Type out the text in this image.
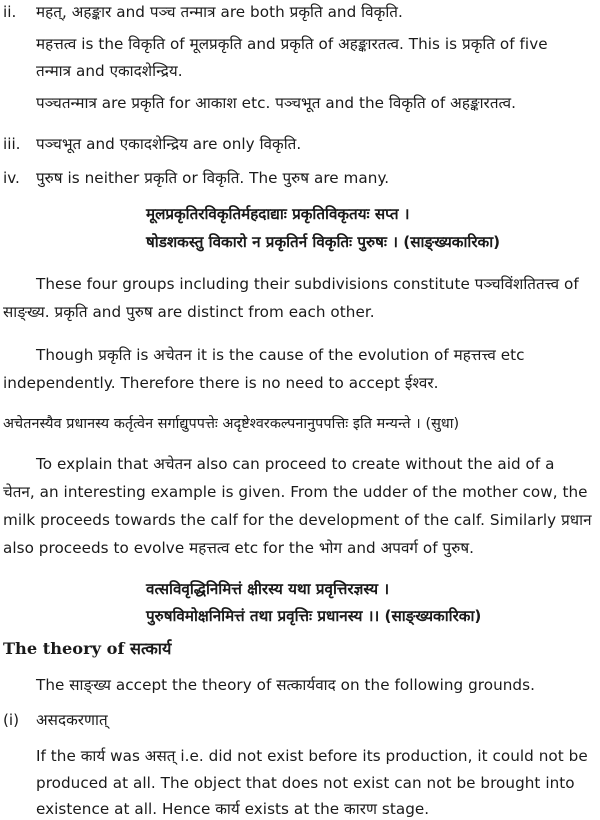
ii. महत्, अहङ्कार and पञ्च तन्मात्र are both प्रकृति and विकृति.
महत्तत्व is the विकृति of मूलप्रकृति and प्रकृति of अहङ्कारतत्व. This is प्रकृति of five
तन्मात्र and एकादशेन्द्रिय.
पञ्चतन्मात्र are प्रकृति for आकाश etc. पञ्चभूत and the विकृति of अहङ्कारतत्व.
iii. पञ्चभूत and एकादशेन्द्रिय are only विकृति.
iv. पुरुष is neither प्रकृति or विकृति. The पुरुष are many.
मूलप्रकृतिरविकृतिर्महदाद्याः प्रकृतिविकृतयः सप्त ।
षोडशकस्तु विकारो न प्रकृतिर्न विकृतिः पुरुषः । (साङ्ख्यकारिका)
These four groups including their subdivisions constitute पञ्चविंशतितत्त्व of
साङ्ख्य. प्रकृति and पुरुष are distinct from each other.
Though प्रकृति is अचेतन it is the cause of the evolution of महत्तत्त्व etc
independently. Therefore there is no need to accept ईश्वर.
अचेतनस्यैव प्रधानस्य कर्तृत्वेन सर्गाद्युपपत्तेः अदृष्टेश्वरकल्पनानुपपत्तिः इति मन्यन्ते । (सुधा)
To explain that अचेतन also can proceed to create without the aid of a
चेतन, an interesting example is given. From the udder of the mother cow, the
milk proceeds towards the calf for the development of the calf. Similarly प्रधान
also proceeds to evolve महत्तत्व etc for the भोग and अपवर्ग of पुरुष.
वत्सविवृद्धिनिमित्तं क्षीरस्य यथा प्रवृत्तिरज्ञस्य ।
पुरुषविमोक्षनिमित्तं तथा प्रवृत्तिः प्रधानस्य ।। (साङ्ख्यकारिका)
The theory of सत्कार्य
The साङ्ख्य accept the theory of सत्कार्यवाद on the following grounds.
(i) असदकरणात्
If the कार्य was असत् i.e. did not exist before its production, it could not be
produced at all. The object that does not exist can not be brought into
existence at all. Hence कार्य exists at the कारण stage.
